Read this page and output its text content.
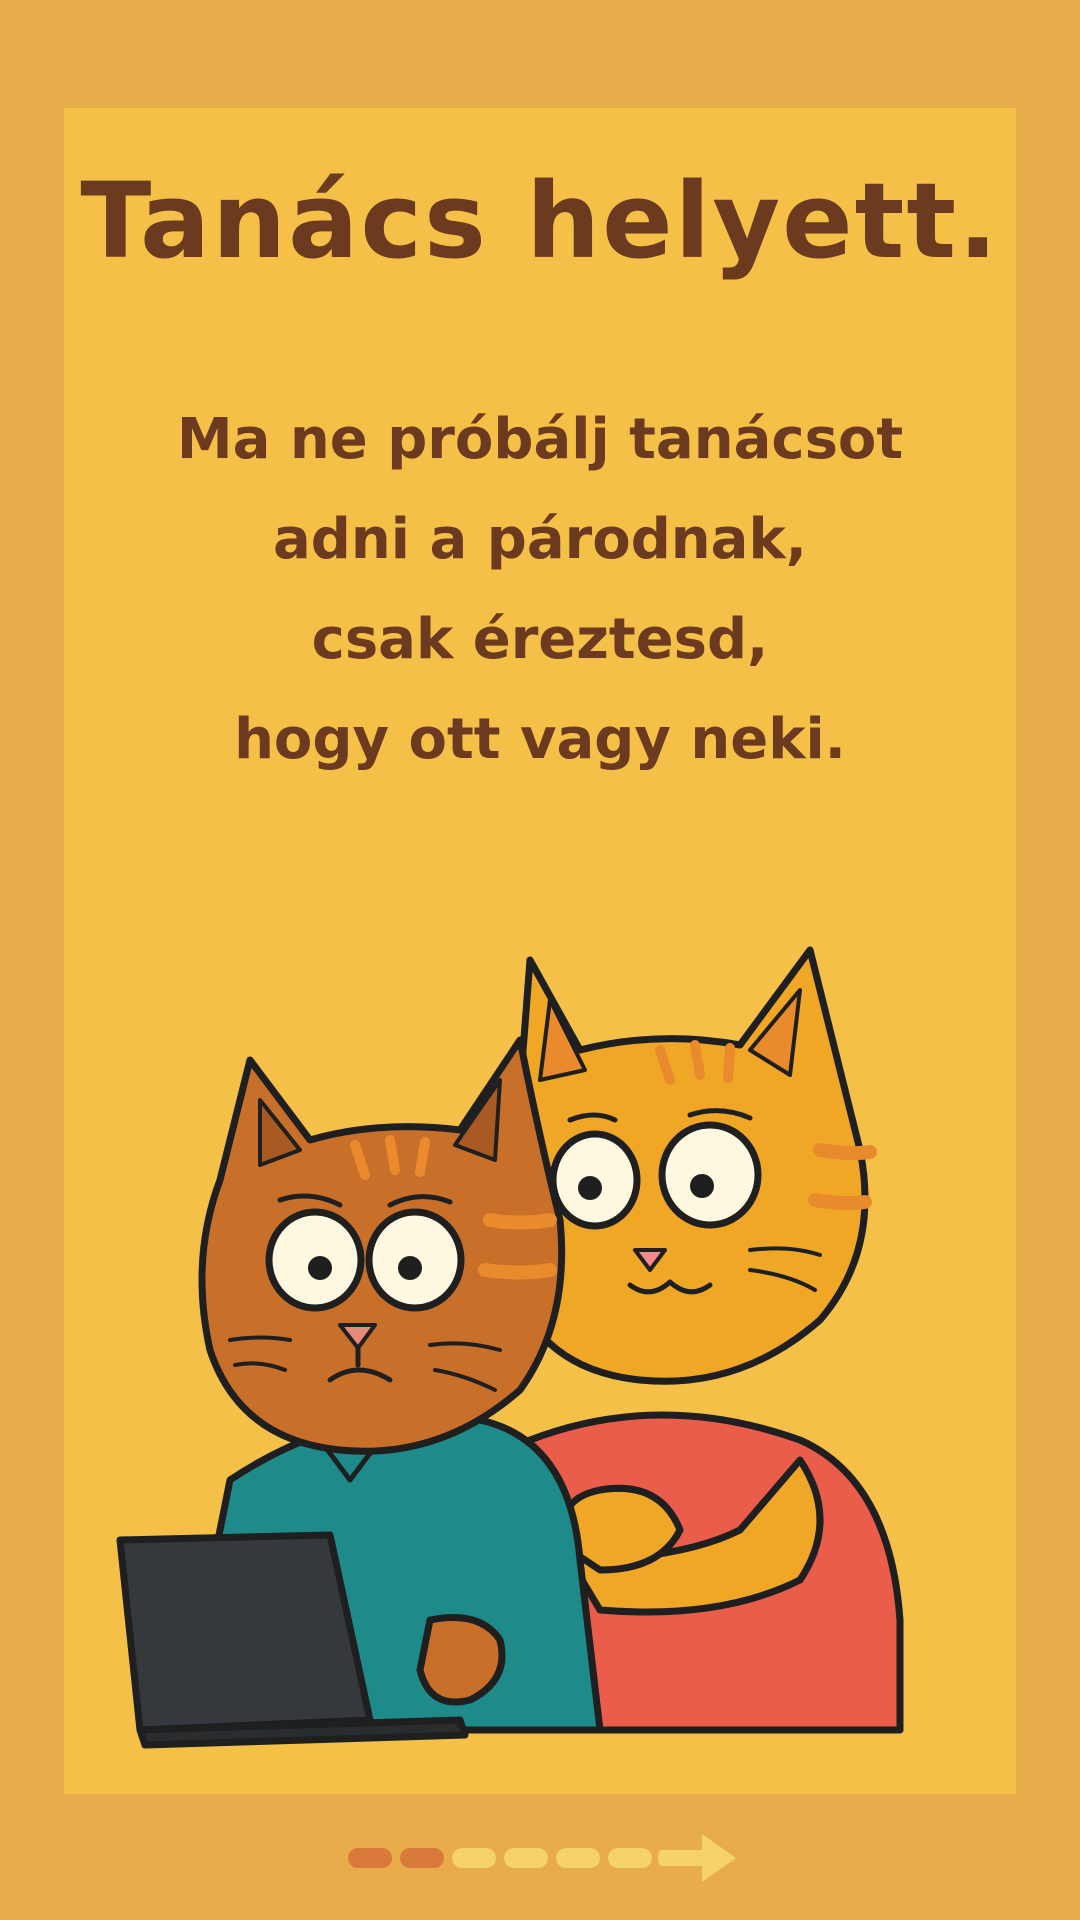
Tanács helyett.
Ma ne próbálj tanácsot
adni a párodnak,
csak éreztesd,
hogy ott vagy neki.
